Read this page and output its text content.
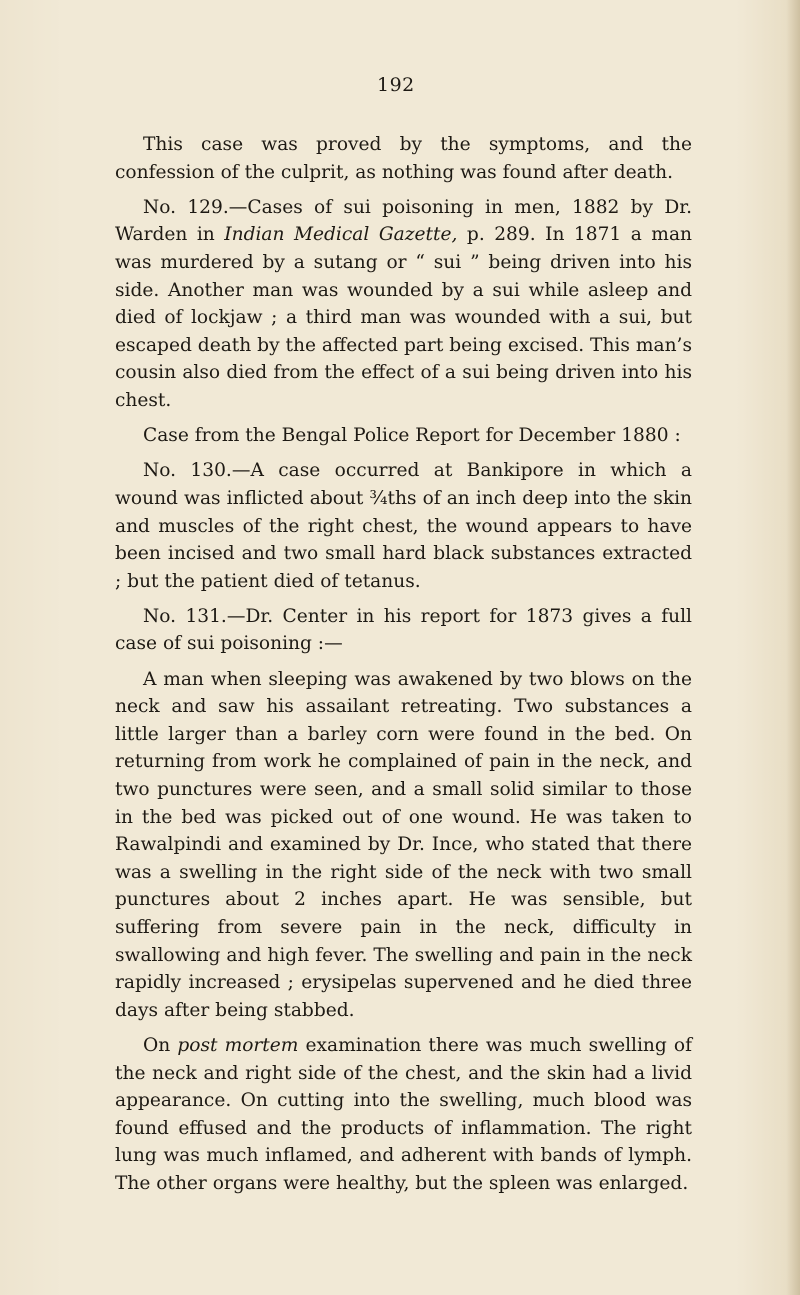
192

This case was proved by the symptoms, and the confession of the culprit, as nothing was found after death.

No. 129.—Cases of sui poisoning in men, 1882 by Dr. Warden in Indian Medical Gazette, p. 289. In 1871 a man was murdered by a sutang or “ sui ” being driven into his side. Another man was wounded by a sui while asleep and died of lockjaw ; a third man was wounded with a sui, but escaped death by the affected part being excised. This man’s cousin also died from the effect of a sui being driven into his chest.

Case from the Bengal Police Report for December 1880 :

No. 130.—A case occurred at Bankipore in which a wound was inflicted about ¾ths of an inch deep into the skin and muscles of the right chest, the wound appears to have been incised and two small hard black substances extracted ; but the patient died of tetanus.

No. 131.—Dr. Center in his report for 1873 gives a full case of sui poisoning :—

A man when sleeping was awakened by two blows on the neck and saw his assailant retreating. Two substances a little larger than a barley corn were found in the bed. On returning from work he complained of pain in the neck, and two punctures were seen, and a small solid similar to those in the bed was picked out of one wound. He was taken to Rawalpindi and examined by Dr. Ince, who stated that there was a swelling in the right side of the neck with two small punctures about 2 inches apart. He was sensible, but suffering from severe pain in the neck, difficulty in swallowing and high fever. The swelling and pain in the neck rapidly increased ; erysipelas supervened and he died three days after being stabbed.

On post mortem examination there was much swelling of the neck and right side of the chest, and the skin had a livid appearance. On cutting into the swelling, much blood was found effused and the products of inflammation. The right lung was much inflamed, and adherent with bands of lymph. The other organs were healthy, but the spleen was enlarged.
